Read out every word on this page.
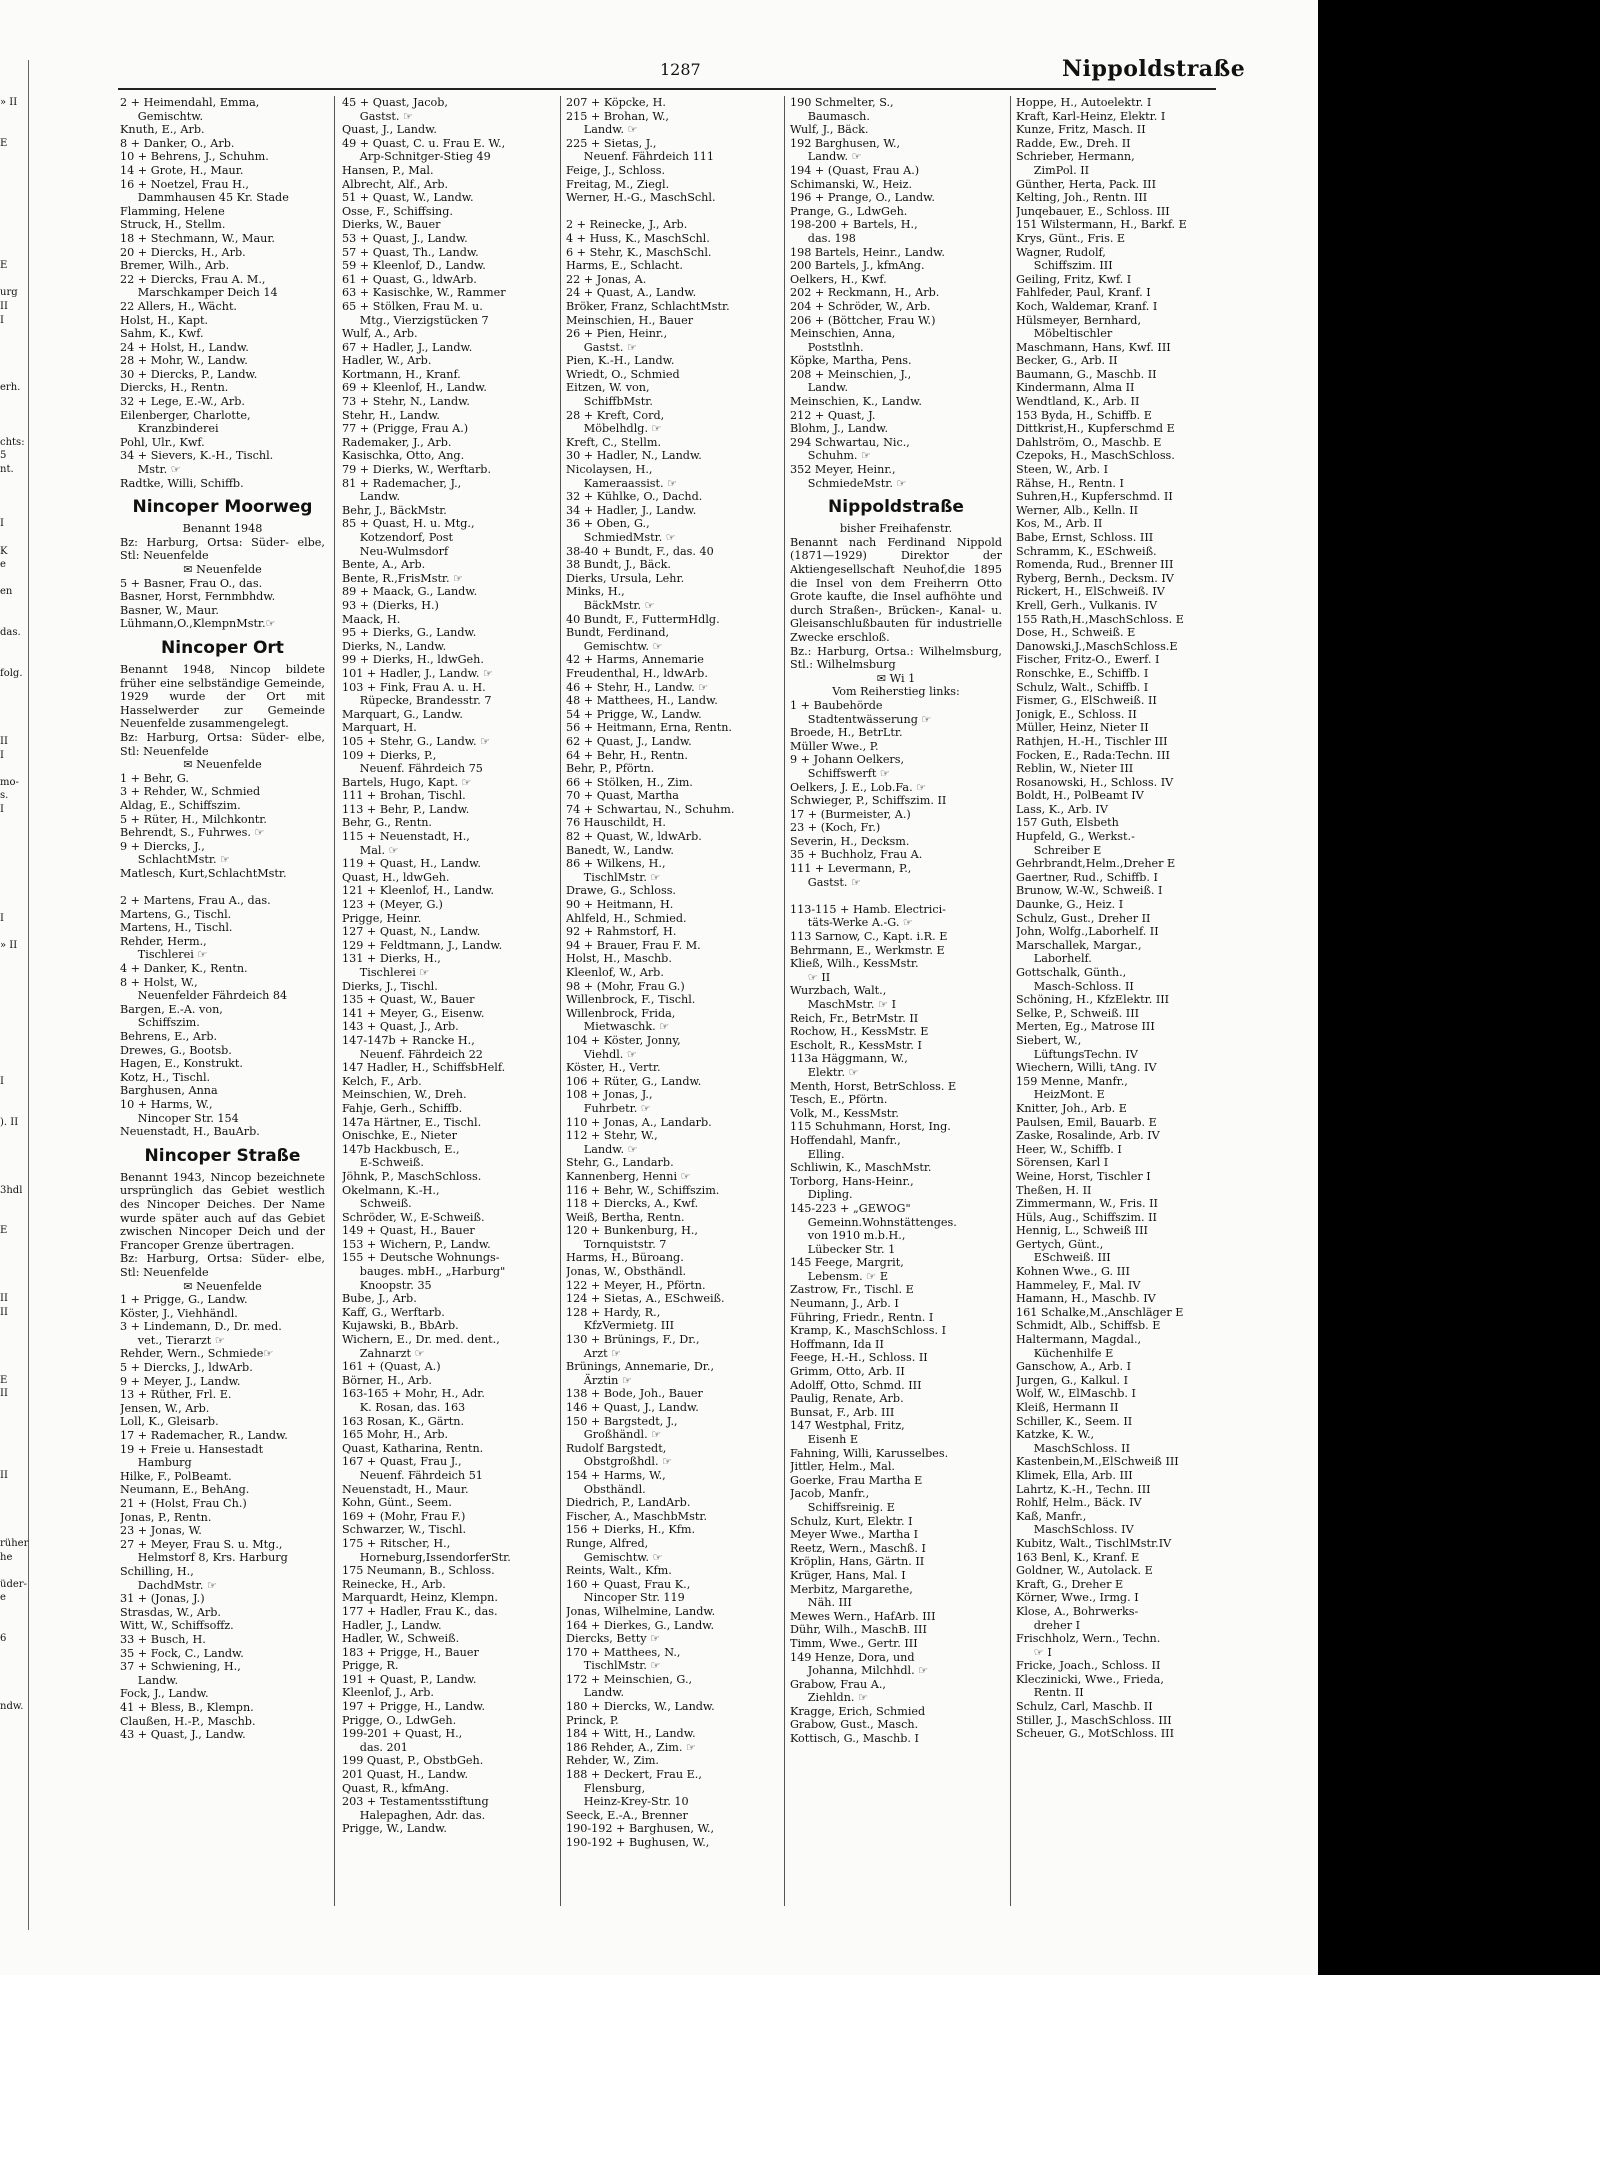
» II

E

E

urg
II
I

erh.

chts:
5
nt.

I

K
e

en

das.

folg.

II
I

mo-
s.
I

I

» II

I

). II

3hdl

E

II
II

E
II

II

rüher
he

üder-
e

6

ndw.
1287	Nippoldstraße
2 + Heimendahl, Emma,
Gemischtw.
Knuth, E., Arb.
8 + Danker, O., Arb.
10 + Behrens, J., Schuhm.
14 + Grote, H., Maur.
16 + Noetzel, Frau H.,
Dammhausen 45 Kr. Stade
Flamming, Helene
Struck, H., Stellm.
18 + Stechmann, W., Maur.
20 + Diercks, H., Arb.
Bremer, Wilh., Arb.
22 + Diercks, Frau A. M.,
Marschkamper Deich 14
22 Allers, H., Wächt.
Holst, H., Kapt.
Sahm, K., Kwf.
24 + Holst, H., Landw.
28 + Mohr, W., Landw.
30 + Diercks, P., Landw.
Diercks, H., Rentn.
32 + Lege, E.-W., Arb.
Eilenberger, Charlotte,
Kranzbinderei
Pohl, Ulr., Kwf.
34 + Sievers, K.-H., Tischl.
Mstr. ☞
Radtke, Willi, Schiffb.
Nincoper Moorweg
Benannt 1948
Bz: Harburg, Ortsa: Süder- elbe, Stl: Neuenfelde
✉ Neuenfelde
5 + Basner, Frau O., das.
Basner, Horst, Fernmbhdw.
Basner, W., Maur.
Lühmann,O.,KlempnMstr.☞
Nincoper Ort
Benannt 1948, Nincop bildete früher eine selbständige Gemeinde, 1929 wurde der Ort mit Hasselwerder zur Gemeinde Neuenfelde zusammengelegt.
Bz: Harburg, Ortsa: Süder- elbe, Stl: Neuenfelde
✉ Neuenfelde
1 + Behr, G.
3 + Rehder, W., Schmied
Aldag, E., Schiffszim.
5 + Rüter, H., Milchkontr.
Behrendt, S., Fuhrwes. ☞
9 + Diercks, J.,
SchlachtMstr. ☞
Matlesch, Kurt,SchlachtMstr.

2 + Martens, Frau A., das.
Martens, G., Tischl.
Martens, H., Tischl.
Rehder, Herm.,
Tischlerei ☞
4 + Danker, K., Rentn.
8 + Holst, W.,
Neuenfelder Fährdeich 84
Bargen, E.-A. von,
Schiffszim.
Behrens, E., Arb.
Drewes, G., Bootsb.
Hagen, E., Konstrukt.
Kotz, H., Tischl.
Barghusen, Anna
10 + Harms, W.,
Nincoper Str. 154
Neuenstadt, H., BauArb.
Nincoper Straße
Benannt 1943, Nincop bezeichnete ursprünglich das Gebiet westlich des Nincoper Deiches. Der Name wurde später auch auf das Gebiet zwischen Nincoper Deich und der Francoper Grenze übertragen.
Bz: Harburg, Ortsa: Süder- elbe, Stl: Neuenfelde
✉ Neuenfelde
1 + Prigge, G., Landw.
Köster, J., Viehhändl.
3 + Lindemann, D., Dr. med.
vet., Tierarzt ☞
Rehder, Wern., Schmiede☞
5 + Diercks, J., ldwArb.
9 + Meyer, J., Landw.
13 + Rüther, Frl. E.
Jensen, W., Arb.
Loll, K., Gleisarb.
17 + Rademacher, R., Landw.
19 + Freie u. Hansestadt
Hamburg
Hilke, F., PolBeamt.
Neumann, E., BehAng.
21 + (Holst, Frau Ch.)
Jonas, P., Rentn.
23 + Jonas, W.
27 + Meyer, Frau S. u. Mtg.,
Helmstorf 8, Krs. Harburg
Schilling, H.,
DachdMstr. ☞
31 + (Jonas, J.)
Strasdas, W., Arb.
Witt, W., Schiffsoffz.
33 + Busch, H.
35 + Fock, C., Landw.
37 + Schwiening, H.,
Landw.
Fock, J., Landw.
41 + Bless, B., Klempn.
Claußen, H.-P., Maschb.
43 + Quast, J., Landw.
45 + Quast, Jacob,
Gastst. ☞
Quast, J., Landw.
49 + Quast, C. u. Frau E. W.,
Arp-Schnitger-Stieg 49
Hansen, P., Mal.
Albrecht, Alf., Arb.
51 + Quast, W., Landw.
Osse, F., Schiffsing.
Dierks, W., Bauer
53 + Quast, J., Landw.
57 + Quast, Th., Landw.
59 + Kleenlof, D., Landw.
61 + Quast, G., ldwArb.
63 + Kasischke, W., Rammer
65 + Stölken, Frau M. u.
Mtg., Vierzigstücken 7
Wulf, A., Arb.
67 + Hadler, J., Landw.
Hadler, W., Arb.
Kortmann, H., Kranf.
69 + Kleenlof, H., Landw.
73 + Stehr, N., Landw.
Stehr, H., Landw.
77 + (Prigge, Frau A.)
Rademaker, J., Arb.
Kasischka, Otto, Ang.
79 + Dierks, W., Werftarb.
81 + Rademacher, J.,
Landw.
Behr, J., BäckMstr.
85 + Quast, H. u. Mtg.,
Kotzendorf, Post
Neu-Wulmsdorf
Bente, A., Arb.
Bente, R.,FrisMstr. ☞
89 + Maack, G., Landw.
93 + (Dierks, H.)
Maack, H.
95 + Dierks, G., Landw.
Dierks, N., Landw.
99 + Dierks, H., ldwGeh.
101 + Hadler, J., Landw. ☞
103 + Fink, Frau A. u. H.
Rüpecke, Brandesstr. 7
Marquart, G., Landw.
Marquart, H.
105 + Stehr, G., Landw. ☞
109 + Dierks, P.,
Neuenf. Fährdeich 75
Bartels, Hugo, Kapt. ☞
111 + Brohan, Tischl.
113 + Behr, P., Landw.
Behr, G., Rentn.
115 + Neuenstadt, H.,
Mal. ☞
119 + Quast, H., Landw.
Quast, H., ldwGeh.
121 + Kleenlof, H., Landw.
123 + (Meyer, G.)
Prigge, Heinr.
127 + Quast, N., Landw.
129 + Feldtmann, J., Landw.
131 + Dierks, H.,
Tischlerei ☞
Dierks, J., Tischl.
135 + Quast, W., Bauer
141 + Meyer, G., Eisenw.
143 + Quast, J., Arb.
147-147b + Rancke H.,
Neuenf. Fährdeich 22
147 Hadler, H., SchiffsbHelf.
Kelch, F., Arb.
Meinschien, W., Dreh.
Fahje, Gerh., Schiffb.
147a Härtner, E., Tischl.
Onischke, E., Nieter
147b Hackbusch, E.,
E-Schweiß.
Jöhnk, P., MaschSchloss.
Okelmann, K.-H.,
Schweiß.
Schröder, W., E-Schweiß.
149 + Quast, H., Bauer
153 + Wichern, P., Landw.
155 + Deutsche Wohnungs-
bauges. mbH., „Harburg"
Knoopstr. 35
Bube, J., Arb.
Kaff, G., Werftarb.
Kujawski, B., BbArb.
Wichern, E., Dr. med. dent.,
Zahnarzt ☞
161 + (Quast, A.)
Börner, H., Arb.
163-165 + Mohr, H., Adr.
K. Rosan, das. 163
163 Rosan, K., Gärtn.
165 Mohr, H., Arb.
Quast, Katharina, Rentn.
167 + Quast, Frau J.,
Neuenf. Fährdeich 51
Neuenstadt, H., Maur.
Kohn, Günt., Seem.
169 + (Mohr, Frau F.)
Schwarzer, W., Tischl.
175 + Ritscher, H.,
Horneburg,IssendorferStr.
175 Neumann, B., Schloss.
Reinecke, H., Arb.
Marquardt, Heinz, Klempn.
177 + Hadler, Frau K., das.
Hadler, J., Landw.
Hadler, W., Schweiß.
183 + Prigge, H., Bauer
Prigge, R.
191 + Quast, P., Landw.
Kleenlof, J., Arb.
197 + Prigge, H., Landw.
Prigge, O., LdwGeh.
199-201 + Quast, H.,
das. 201
199 Quast, P., ObstbGeh.
201 Quast, H., Landw.
Quast, R., kfmAng.
203 + Testamentsstiftung
Halepaghen, Adr. das.
Prigge, W., Landw.
207 + Köpcke, H.
215 + Brohan, W.,
Landw. ☞
225 + Sietas, J.,
Neuenf. Fährdeich 111
Feige, J., Schloss.
Freitag, M., Ziegl.
Werner, H.-G., MaschSchl.

2 + Reinecke, J., Arb.
4 + Huss, K., MaschSchl.
6 + Stehr, K., MaschSchl.
Harms, E., Schlacht.
22 + Jonas, A.
24 + Quast, A., Landw.
Bröker, Franz, SchlachtMstr.
Meinschien, H., Bauer
26 + Pien, Heinr.,
Gastst. ☞
Pien, K.-H., Landw.
Wriedt, O., Schmied
Eitzen, W. von,
SchiffbMstr.
28 + Kreft, Cord,
Möbelhdlg. ☞
Kreft, C., Stellm.
30 + Hadler, N., Landw.
Nicolaysen, H.,
Kameraassist. ☞
32 + Kühlke, O., Dachd.
34 + Hadler, J., Landw.
36 + Oben, G.,
SchmiedMstr. ☞
38-40 + Bundt, F., das. 40
38 Bundt, J., Bäck.
Dierks, Ursula, Lehr.
Minks, H.,
BäckMstr. ☞
40 Bundt, F., FuttermHdlg.
Bundt, Ferdinand,
Gemischtw. ☞
42 + Harms, Annemarie
Freudenthal, H., ldwArb.
46 + Stehr, H., Landw. ☞
48 + Matthees, H., Landw.
54 + Prigge, W., Landw.
56 + Heitmann, Erna, Rentn.
62 + Quast, J., Landw.
64 + Behr, H., Rentn.
Behr, P., Pförtn.
66 + Stölken, H., Zim.
70 + Quast, Martha
74 + Schwartau, N., Schuhm.
76 Hauschildt, H.
82 + Quast, W., ldwArb.
Banedt, W., Landw.
86 + Wilkens, H.,
TischlMstr. ☞
Drawe, G., Schloss.
90 + Heitmann, H.
Ahlfeld, H., Schmied.
92 + Rahmstorf, H.
94 + Brauer, Frau F. M.
Holst, H., Maschb.
Kleenlof, W., Arb.
98 + (Mohr, Frau G.)
Willenbrock, F., Tischl.
Willenbrock, Frida,
Mietwaschk. ☞
104 + Köster, Jonny,
Viehdl. ☞
Köster, H., Vertr.
106 + Rüter, G., Landw.
108 + Jonas, J.,
Fuhrbetr. ☞
110 + Jonas, A., Landarb.
112 + Stehr, W.,
Landw. ☞
Stehr, G., Landarb.
Kannenberg, Henni ☞
116 + Behr, W., Schiffszim.
118 + Diercks, A., Kwf.
Weiß, Bertha, Rentn.
120 + Bunkenburg, H.,
Tornquiststr. 7
Harms, H., Büroang.
Jonas, W., Obsthändl.
122 + Meyer, H., Pförtn.
124 + Sietas, A., ESchweiß.
128 + Hardy, R.,
KfzVermietg. III
130 + Brünings, F., Dr.,
Arzt ☞
Brünings, Annemarie, Dr.,
Ärztin ☞
138 + Bode, Joh., Bauer
146 + Quast, J., Landw.
150 + Bargstedt, J.,
Großhändl. ☞
Rudolf Bargstedt,
Obstgroßhdl. ☞
154 + Harms, W.,
Obsthändl.
Diedrich, P., LandArb.
Fischer, A., MaschbMstr.
156 + Dierks, H., Kfm.
Runge, Alfred,
Gemischtw. ☞
Reints, Walt., Kfm.
160 + Quast, Frau K.,
Nincoper Str. 119
Jonas, Wilhelmine, Landw.
164 + Dierkes, G., Landw.
Diercks, Betty ☞
170 + Matthees, N.,
TischlMstr. ☞
172 + Meinschien, G.,
Landw.
180 + Diercks, W., Landw.
Princk, P.
184 + Witt, H., Landw.
186 Rehder, A., Zim. ☞
Rehder, W., Zim.
188 + Deckert, Frau E.,
Flensburg,
Heinz-Krey-Str. 10
Seeck, E.-A., Brenner
190-192 + Barghusen, W.,
190-192 + Bughusen, W.,
190 Schmelter, S.,
Baumasch.
Wulf, J., Bäck.
192 Barghusen, W.,
Landw. ☞
194 + (Quast, Frau A.)
Schimanski, W., Heiz.
196 + Prange, O., Landw.
Prange, G., LdwGeh.
198-200 + Bartels, H.,
das. 198
198 Bartels, Heinr., Landw.
200 Bartels, J., kfmAng.
Oelkers, H., Kwf.
202 + Reckmann, H., Arb.
204 + Schröder, W., Arb.
206 + (Böttcher, Frau W.)
Meinschien, Anna,
Poststlnh.
Köpke, Martha, Pens.
208 + Meinschien, J.,
Landw.
Meinschien, K., Landw.
212 + Quast, J.
Blohm, J., Landw.
294 Schwartau, Nic.,
Schuhm. ☞
352 Meyer, Heinr.,
SchmiedeMstr. ☞
Nippoldstraße
bisher Freihafenstr.
Benannt nach Ferdinand Nippold (1871—1929) Direktor der Aktiengesellschaft Neuhof,die 1895 die Insel von dem Freiherrn Otto Grote kaufte, die Insel aufhöhte und durch Straßen-, Brücken-, Kanal- u. Gleisanschlußbauten für industrielle Zwecke erschloß.
Bz.: Harburg, Ortsa.: Wilhelmsburg, Stl.: Wilhelmsburg
✉ Wi 1
Vom Reiherstieg links:
1 + Baubehörde
Stadtentwässerung ☞
Broede, H., BetrLtr.
Müller Wwe., P.
9 + Johann Oelkers,
Schiffswerft ☞
Oelkers, J. E., Lob.Fa. ☞
Schwieger, P., Schiffszim. II
17 + (Burmeister, A.)
23 + (Koch, Fr.)
Severin, H., Decksm.
35 + Buchholz, Frau A.
111 + Levermann, P.,
Gastst. ☞

113-115 + Hamb. Electrici-
täts-Werke A.-G. ☞
113 Sarnow, C., Kapt. i.R. E
Behrmann, E., Werkmstr. E
Kließ, Wilh., KessMstr.
☞ II
Wurzbach, Walt.,
MaschMstr. ☞ I
Reich, Fr., BetrMstr. II
Rochow, H., KessMstr. E
Escholt, R., KessMstr. I
113a Häggmann, W.,
Elektr. ☞
Menth, Horst, BetrSchloss. E
Tesch, E., Pförtn.
Volk, M., KessMstr.
115 Schuhmann, Horst, Ing.
Hoffendahl, Manfr.,
Elling.
Schliwin, K., MaschMstr.
Torborg, Hans-Heinr.,
Dipling.
145-223 + „GEWOG"
Gemeinn.Wohnstättenges.
von 1910 m.b.H.,
Lübecker Str. 1
145 Feege, Margrit,
Lebensm. ☞ E
Zastrow, Fr., Tischl. E
Neumann, J., Arb. I
Führing, Friedr., Rentn. I
Kramp, K., MaschSchloss. I
Hoffmann, Ida II
Feege, H.-H., Schloss. II
Grimm, Otto, Arb. II
Adolff, Otto, Schmd. III
Paulig, Renate, Arb.
Bunsat, F., Arb. III
147 Westphal, Fritz,
Eisenh E
Fahning, Willi, Karusselbes.
Jittler, Helm., Mal.
Goerke, Frau Martha E
Jacob, Manfr.,
Schiffsreinig. E
Schulz, Kurt, Elektr. I
Meyer Wwe., Martha I
Reetz, Wern., Maschß. I
Kröplin, Hans, Gärtn. II
Krüger, Hans, Mal. I
Merbitz, Margarethe,
Näh. III
Mewes Wern., HafArb. III
Dühr, Wilh., MaschB. III
Timm, Wwe., Gertr. III
149 Henze, Dora, und
Johanna, Milchhdl. ☞
Grabow, Frau A.,
Ziehldn. ☞
Kragge, Erich, Schmied
Grabow, Gust., Masch.
Kottisch, G., Maschb. I
Hoppe, H., Autoelektr. I
Kraft, Karl-Heinz, Elektr. I
Kunze, Fritz, Masch. II
Radde, Ew., Dreh. II
Schrieber, Hermann,
ZimPol. II
Günther, Herta, Pack. III
Kelting, Joh., Rentn. III
Junqebauer, E., Schloss. III
151 Wilstermann, H., Barkf. E
Krys, Günt., Fris. E
Wagner, Rudolf,
Schiffszim. III
Geiling, Fritz, Kwf. I
Fahlfeder, Paul, Kranf. I
Koch, Waldemar, Kranf. I
Hülsmeyer, Bernhard,
Möbeltischler
Maschmann, Hans, Kwf. III
Becker, G., Arb. II
Baumann, G., Maschb. II
Kindermann, Alma II
Wendtland, K., Arb. II
153 Byda, H., Schiffb. E
Dittkrist,H., Kupferschmd E
Dahlström, O., Maschb. E
Czepoks, H., MaschSchloss.
Steen, W., Arb. I
Rähse, H., Rentn. I
Suhren,H., Kupferschmd. II
Werner, Alb., Kelln. II
Kos, M., Arb. II
Babe, Ernst, Schloss. III
Schramm, K., ESchweiß.
Romenda, Rud., Brenner III
Ryberg, Bernh., Decksm. IV
Rickert, H., ElSchweiß. IV
Krell, Gerh., Vulkanis. IV
155 Rath,H.,MaschSchloss. E
Dose, H., Schweiß. E
Danowski,J.,MaschSchloss.E
Fischer, Fritz-O., Ewerf. I
Ronschke, E., Schiffb. I
Schulz, Walt., Schiffb. I
Fismer, G., ElSchweiß. II
Jonigk, E., Schloss. II
Müller, Heinz, Nieter II
Rathjen, H.-H., Tischler III
Focken, E., Rada:Techn. III
Reblin, W., Nieter III
Rosanowski, H., Schloss. IV
Boldt, H., PolBeamt IV
Lass, K., Arb. IV
157 Guth, Elsbeth
Hupfeld, G., Werkst.-
Schreiber E
Gehrbrandt,Helm.,Dreher E
Gaertner, Rud., Schiffb. I
Brunow, W.-W., Schweiß. I
Daunke, G., Heiz. I
Schulz, Gust., Dreher II
John, Wolfg.,Laborhelf. II
Marschallek, Margar.,
Laborhelf.
Gottschalk, Günth.,
Masch-Schloss. II
Schöning, H., KfzElektr. III
Selke, P., Schweiß. III
Merten, Eg., Matrose III
Siebert, W.,
LüftungsTechn. IV
Wiechern, Willi, tAng. IV
159 Menne, Manfr.,
HeizMont. E
Knitter, Joh., Arb. E
Paulsen, Emil, Bauarb. E
Zaske, Rosalinde, Arb. IV
Heer, W., Schiffb. I
Sörensen, Karl I
Weine, Horst, Tischler I
Theßen, H. II
Zimmermann, W., Fris. II
Hüls, Aug., Schiffszim. II
Hennig, L., Schweiß III
Gertych, Günt.,
ESchweiß. III
Kohnen Wwe., G. III
Hammeley, F., Mal. IV
Hamann, H., Maschb. IV
161 Schalke,M.,Anschläger E
Schmidt, Alb., Schiffsb. E
Haltermann, Magdal.,
Küchenhilfe E
Ganschow, A., Arb. I
Jurgen, G., Kalkul. I
Wolf, W., ElMaschb. I
Kleiß, Hermann II
Schiller, K., Seem. II
Katzke, K. W.,
MaschSchloss. II
Kastenbein,M.,ElSchweiß III
Klimek, Ella, Arb. III
Lahrtz, K.-H., Techn. III
Rohlf, Helm., Bäck. IV
Kaß, Manfr.,
MaschSchloss. IV
Kubitz, Walt., TischlMstr.IV
163 Benl, K., Kranf. E
Goldner, W., Autolack. E
Kraft, G., Dreher E
Körner, Wwe., Irmg. I
Klose, A., Bohrwerks-
dreher I
Frischholz, Wern., Techn.
☞ I
Fricke, Joach., Schloss. II
Kleczinicki, Wwe., Frieda,
Rentn. II
Schulz, Carl, Maschb. II
Stiller, J., MaschSchloss. III
Scheuer, G., MotSchloss. III
